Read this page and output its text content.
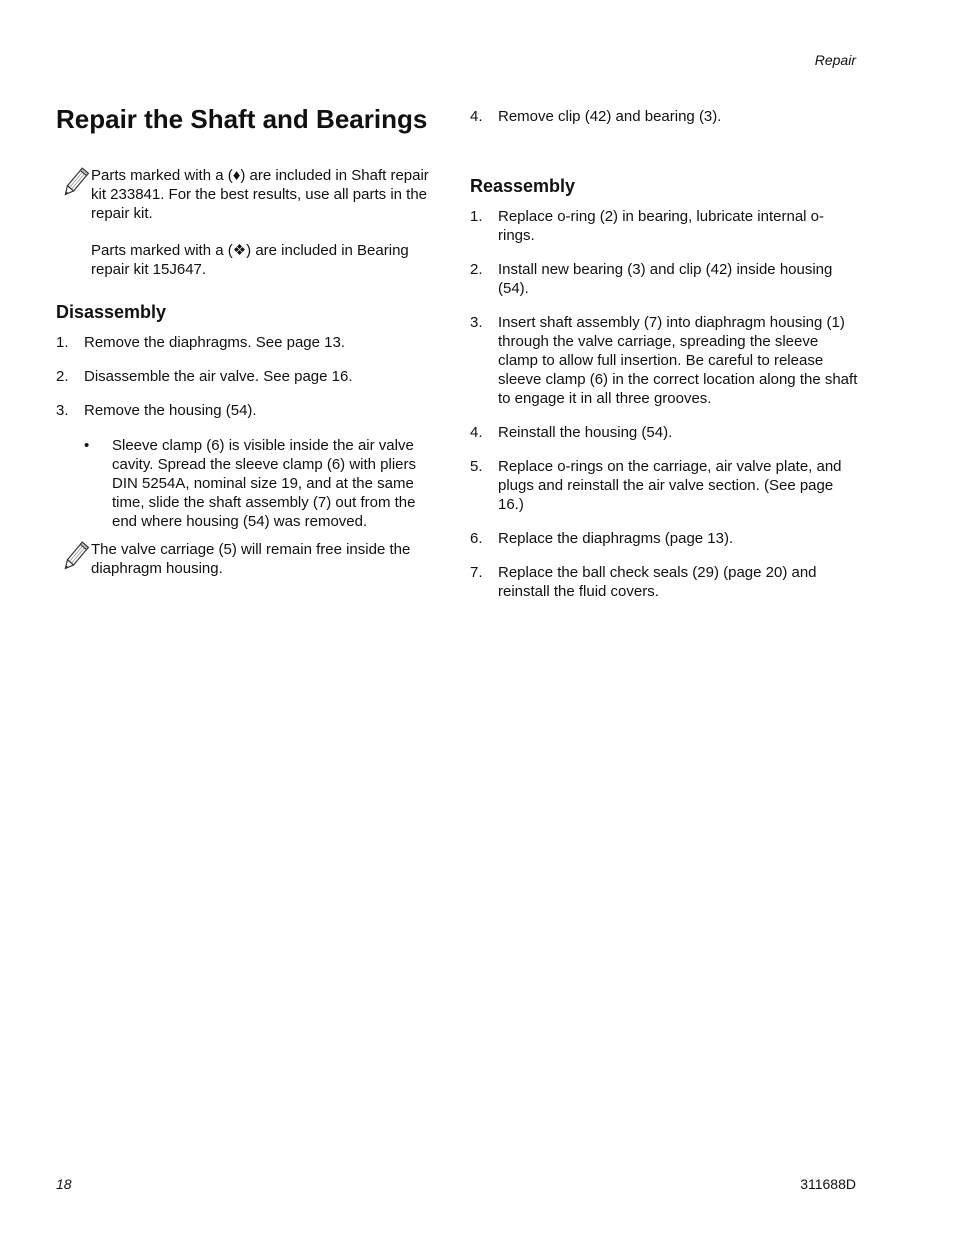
Repair
Repair the Shaft and Bearings

Parts marked with a (♦) are included in Shaft repair kit 233841. For the best results, use all parts in the repair kit.

Parts marked with a (❖) are included in Bearing repair kit 15J647.

Disassembly
1. Remove the diaphragms. See page 13.
2. Disassemble the air valve. See page 16.
3. Remove the housing (54).
• Sleeve clamp (6) is visible inside the air valve cavity. Spread the sleeve clamp (6) with pliers DIN 5254A, nominal size 19, and at the same time, slide the shaft assembly (7) out from the end where housing (54) was removed.

The valve carriage (5) will remain free inside the diaphragm housing.

4. Remove clip (42) and bearing (3).
Reassembly
1. Replace o-ring (2) in bearing, lubricate internal o-rings.
2. Install new bearing (3) and clip (42) inside housing (54).
3. Insert shaft assembly (7) into diaphragm housing (1) through the valve carriage, spreading the sleeve clamp to allow full insertion. Be careful to release sleeve clamp (6) in the correct location along the shaft to engage it in all three grooves.
4. Reinstall the housing (54).
5. Replace o-rings on the carriage, air valve plate, and plugs and reinstall the air valve section. (See page 16.)
6. Replace the diaphragms (page 13).
7. Replace the ball check seals (29) (page 20) and reinstall the fluid covers.
18	311688D
